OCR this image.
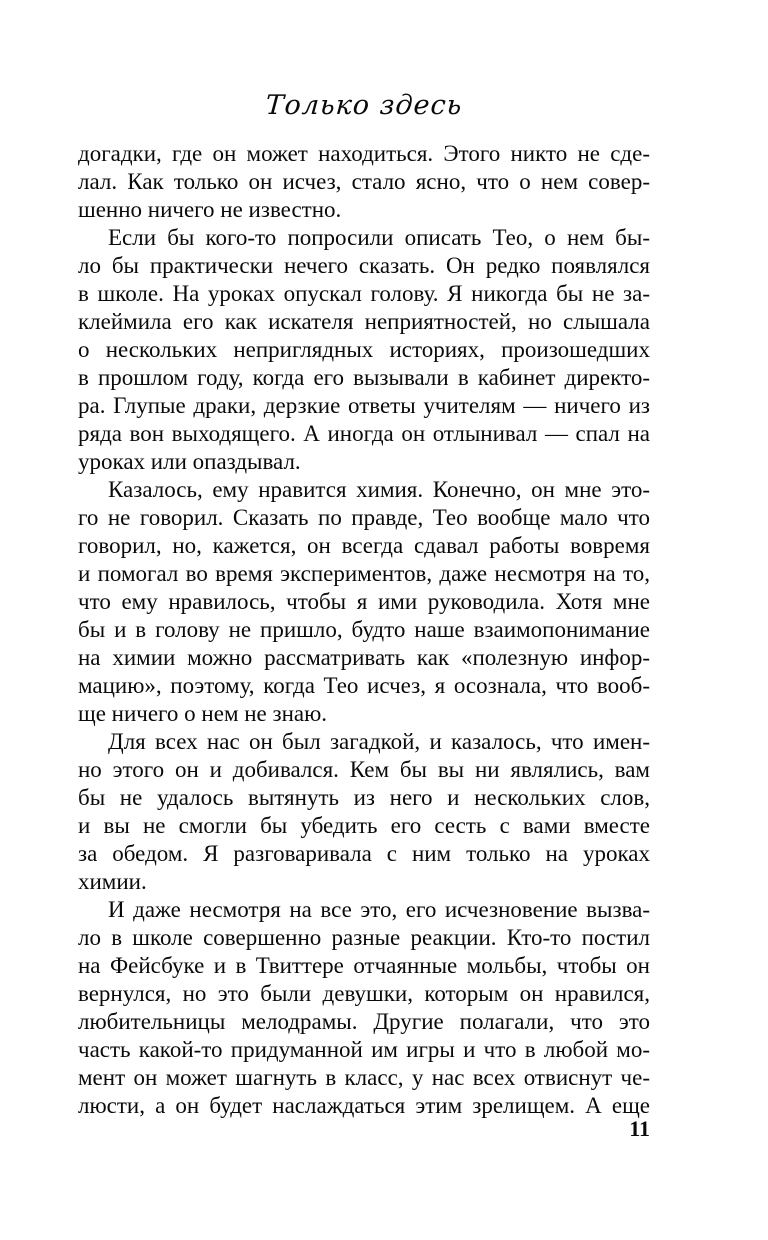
Только здесь

догадки, где он может находиться. Этого никто не сде-
лал. Как только он исчез, стало ясно, что о нем совер-
шенно ничего не известно.

Если бы кого-то попросили описать Тео, о нем бы-
ло бы практически нечего сказать. Он редко появлялся
в школе. На уроках опускал голову. Я никогда бы не за-
клеймила его как искателя неприятностей, но слышала
о нескольких неприглядных историях, произошедших
в прошлом году, когда его вызывали в кабинет директо-
ра. Глупые драки, дерзкие ответы учителям — ничего из
ряда вон выходящего. А иногда он отлынивал — спал на
уроках или опаздывал.

Казалось, ему нравится химия. Конечно, он мне это-
го не говорил. Сказать по правде, Тео вообще мало что
говорил, но, кажется, он всегда сдавал работы вовремя
и помогал во время экспериментов, даже несмотря на то,
что ему нравилось, чтобы я ими руководила. Хотя мне
бы и в голову не пришло, будто наше взаимопонимание
на химии можно рассматривать как «полезную инфор-
мацию», поэтому, когда Тео исчез, я осознала, что вооб-
ще ничего о нем не знаю.

Для всех нас он был загадкой, и казалось, что имен-
но этого он и добивался. Кем бы вы ни являлись, вам
бы не удалось вытянуть из него и нескольких слов,
и вы не смогли бы убедить его сесть с вами вместе
за обедом. Я разговаривала с ним только на уроках
химии.

И даже несмотря на все это, его исчезновение вызва-
ло в школе совершенно разные реакции. Кто-то постил
на Фейсбуке и в Твиттере отчаянные мольбы, чтобы он
вернулся, но это были девушки, которым он нравился,
любительницы мелодрамы. Другие полагали, что это
часть какой-то придуманной им игры и что в любой мо-
мент он может шагнуть в класс, у нас всех отвиснут че-
люсти, а он будет наслаждаться этим зрелищем. А еще

11
